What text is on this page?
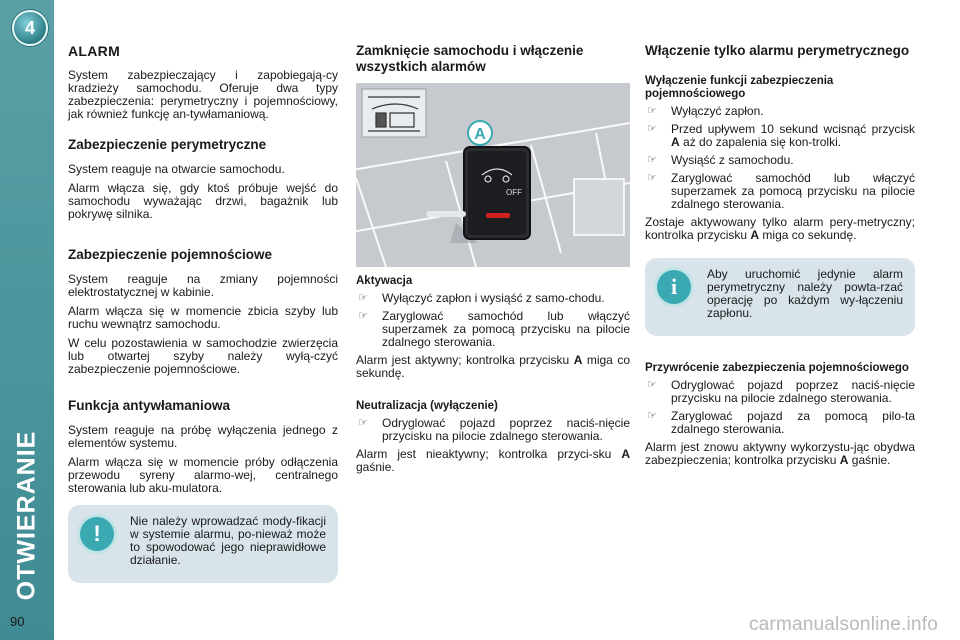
4
OTWIERANIE
90
ALARM

System zabezpieczający i zapobiegają-cy kradzieży samochodu. Oferuje dwa typy zabezpieczenia: perymetryczny i pojemnościowy, jak również funkcję an-tywłamaniową.

Zabezpieczenie perymetryczne

System reaguje na otwarcie samochodu.

Alarm włącza się, gdy ktoś próbuje wejść do samochodu wyważając drzwi, bagażnik lub pokrywę silnika.

Zabezpieczenie pojemnościowe

System reaguje na zmiany pojemności elektrostatycznej w kabinie.

Alarm włącza się w momencie zbicia szyby lub ruchu wewnątrz samochodu.

W celu pozostawienia w samochodzie zwierzęcia lub otwartej szyby należy wyłą-czyć zabezpieczenie pojemnościowe.

Funkcja antywłamaniowa

System reaguje na próbę wyłączenia jednego z elementów systemu.

Alarm włącza się w momencie próby odłączenia przewodu syreny alarmo-wej, centralnego sterowania lub aku-mulatora.

!	Nie należy wprowadzać mody-fikacji w systemie alarmu, po-nieważ może to spowodować jego nieprawidłowe działanie.

Zamknięcie samochodu i włączenie wszystkich alarmów
OFF
A
Aktywacja
☞ Wyłączyć zapłon i wysiąść z samo-chodu.
☞ Zaryglować samochód lub włączyć superzamek za pomocą przycisku na pilocie zdalnego sterowania.

Alarm jest aktywny; kontrolka przycisku A miga co sekundę.

Neutralizacja (wyłączenie)
☞ Odryglować pojazd poprzez naciś-nięcie przycisku na pilocie zdalnego sterowania.

Alarm jest nieaktywny; kontrolka przyci-sku A gaśnie.

Włączenie tylko alarmu perymetrycznego
Wyłączenie funkcji zabezpieczenia pojemnościowego
☞ Wyłączyć zapłon.
☞ Przed upływem 10 sekund wcisnąć przycisk A aż do zapalenia się kon-trolki.
☞ Wysiąść z samochodu.
☞ Zaryglować samochód lub włączyć superzamek za pomocą przycisku na pilocie zdalnego sterowania.

Zostaje aktywowany tylko alarm pery-metryczny; kontrolka przycisku A miga co sekundę.

i	Aby uruchomić jedynie alarm perymetryczny należy powta-rzać operację po każdym wy-łączeniu zapłonu.

Przywrócenie zabezpieczenia pojemnościowego
☞ Odryglować pojazd poprzez naciś-nięcie przycisku na pilocie zdalnego sterowania.
☞ Zaryglować pojazd za pomocą pilo-ta zdalnego sterowania.

Alarm jest znowu aktywny wykorzystu-jąc obydwa zabezpieczenia; kontrolka przycisku A gaśnie.

carmanualsonline.info
